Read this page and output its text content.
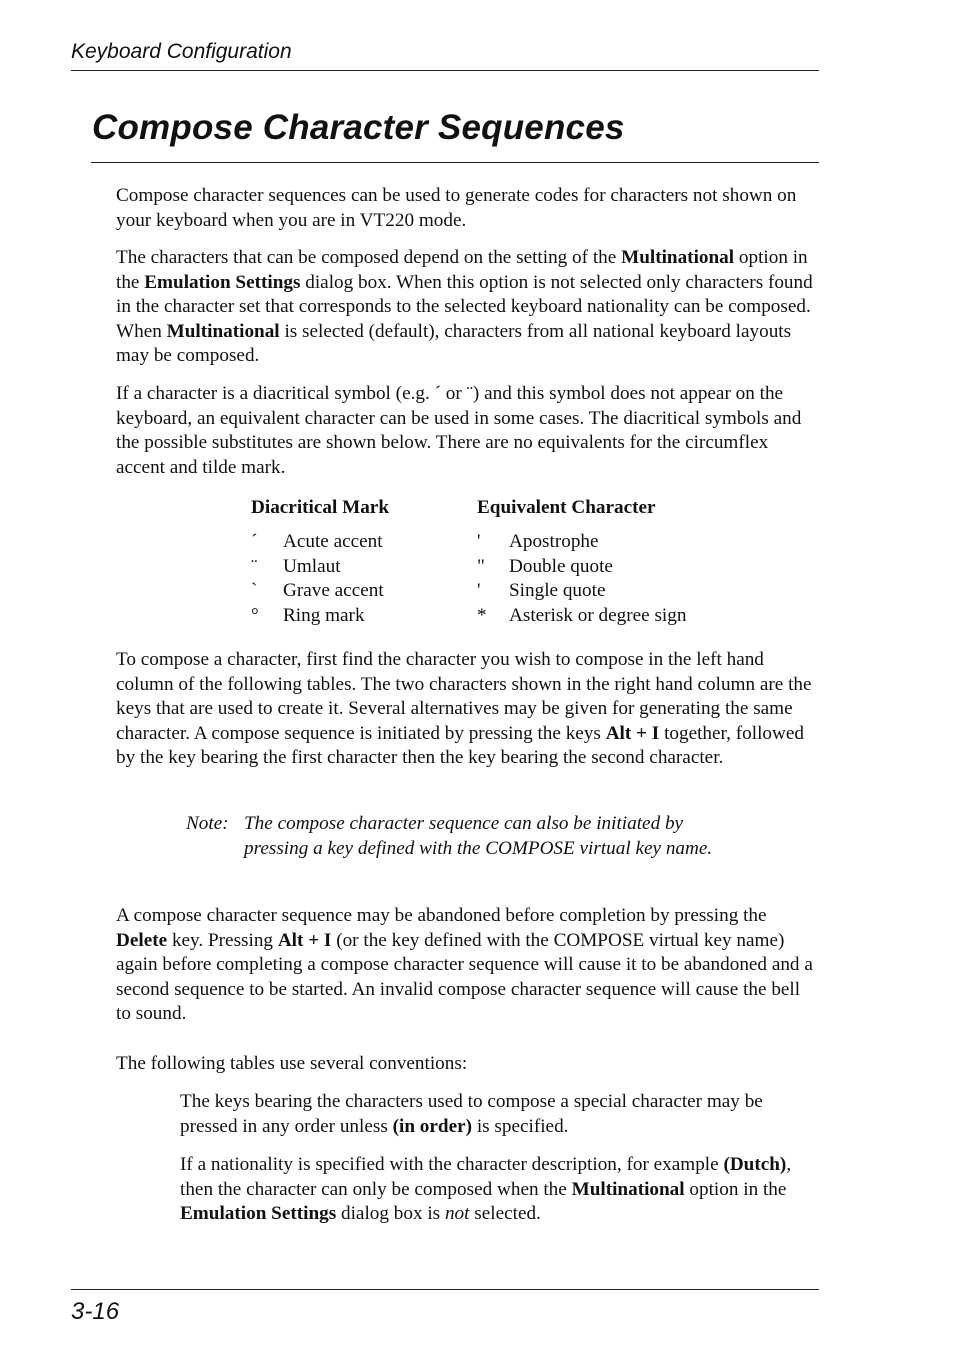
Keyboard Configuration
Compose Character Sequences

Compose character sequences can be used to generate codes for characters not shown on your keyboard when you are in VT220 mode.

The characters that can be composed depend on the setting of the Multinational option in the Emulation Settings dialog box. When this option is not selected only characters found in the character set that corresponds to the selected keyboard nationality can be composed. When Multinational is selected (default), characters from all national keyboard layouts may be composed.

If a character is a diacritical symbol (e.g. ´ or ¨) and this symbol does not appear on the keyboard, an equivalent character can be used in some cases. The diacritical symbols and the possible substitutes are shown below. There are no equivalents for the circumflex accent and tilde mark.

Diacritical Mark	Equivalent Character
´ Acute accent	' Apostrophe
¨ Umlaut	" Double quote
` Grave accent	' Single quote
° Ring mark	* Asterisk or degree sign

To compose a character, first find the character you wish to compose in the left hand column of the following tables. The two characters shown in the right hand column are the keys that are used to create it. Several alternatives may be given for generating the same character. A compose sequence is initiated by pressing the keys Alt + I together, followed by the key bearing the first character then the key bearing the second character.

Note: The compose character sequence can also be initiated by pressing a key defined with the COMPOSE virtual key name.

A compose character sequence may be abandoned before completion by pressing the Delete key. Pressing Alt + I (or the key defined with the COMPOSE virtual key name) again before completing a compose character sequence will cause it to be abandoned and a second sequence to be started. An invalid compose character sequence will cause the bell to sound.

The following tables use several conventions:

The keys bearing the characters used to compose a special character may be pressed in any order unless (in order) is specified.

If a nationality is specified with the character description, for example (Dutch), then the character can only be composed when the Multinational option in the Emulation Settings dialog box is not selected.

3-16
